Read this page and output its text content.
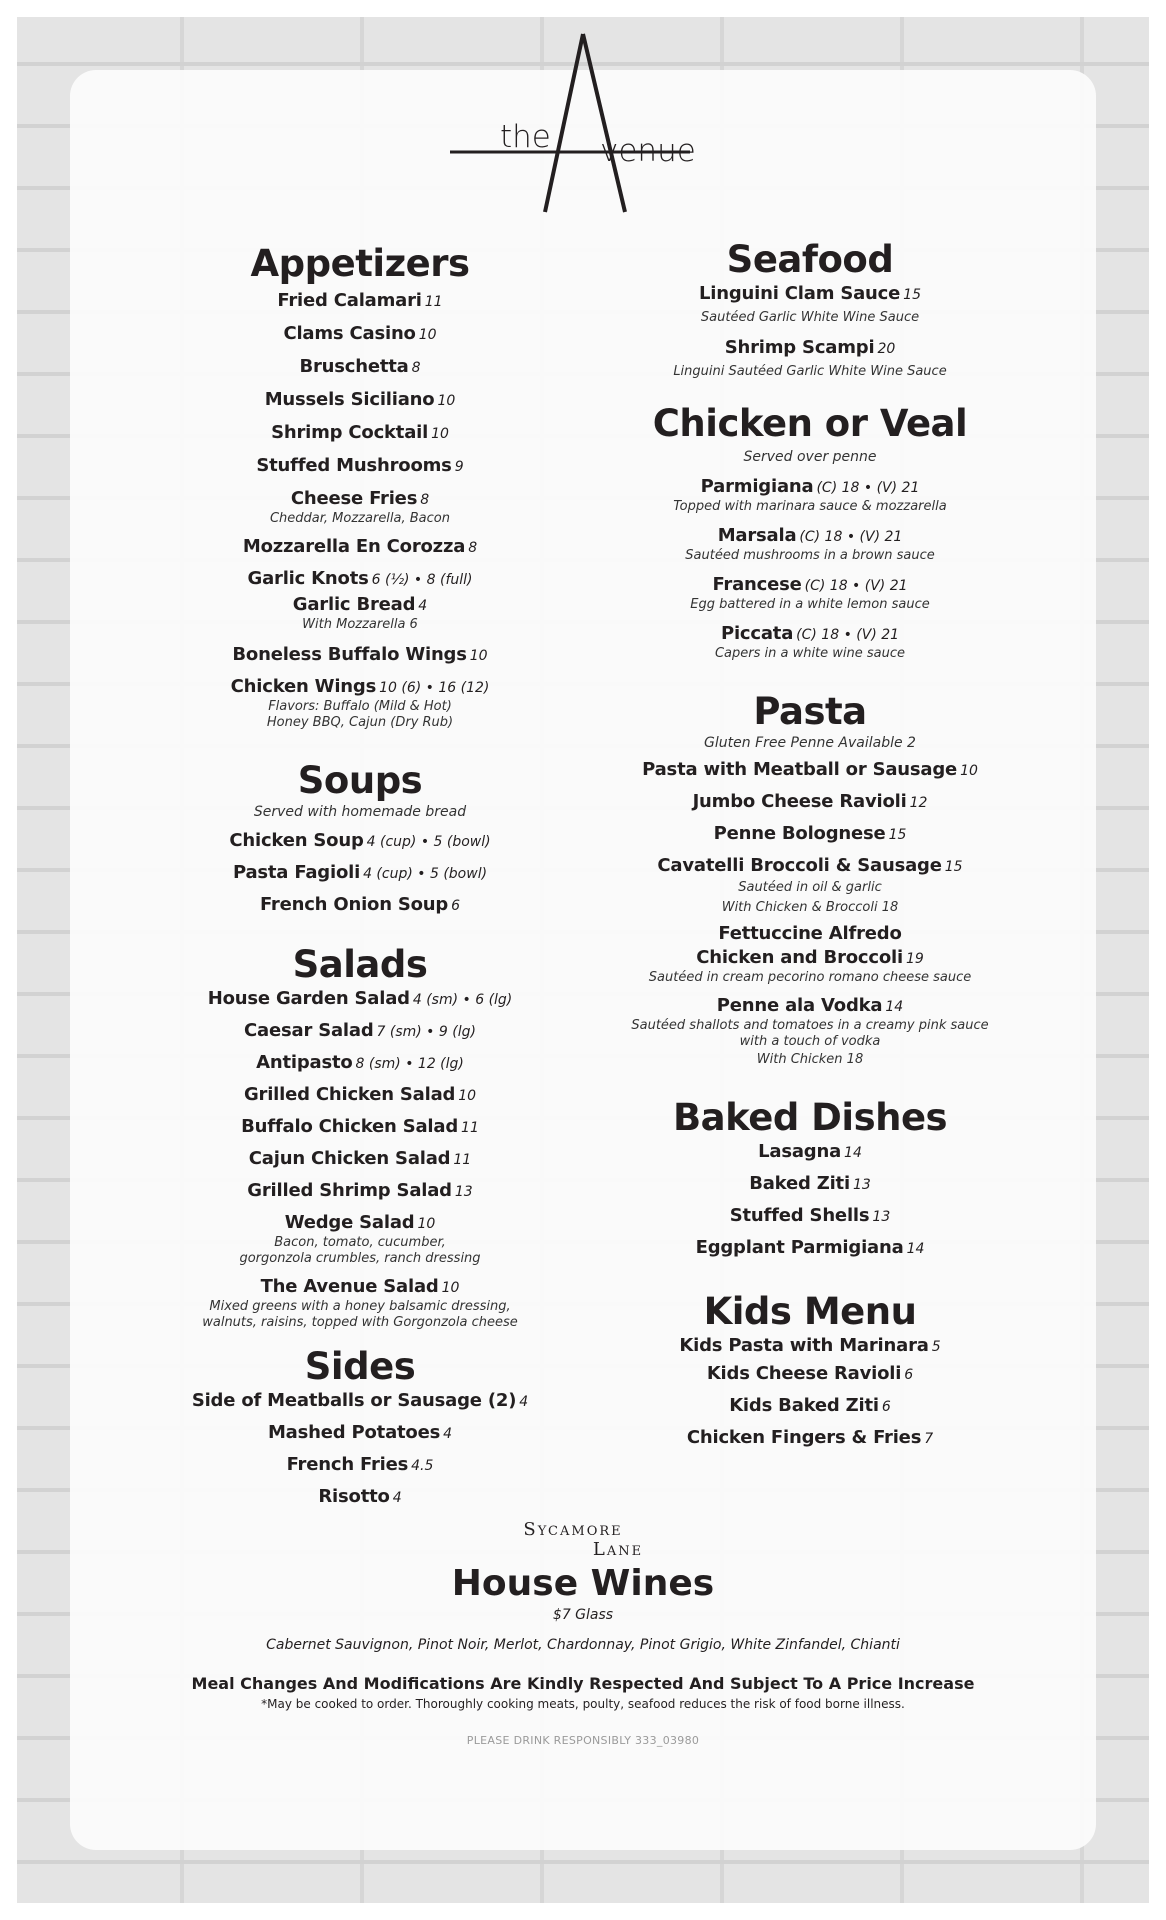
the venue
Appetizers
Fried Calamari 11
Clams Casino 10
Bruschetta 8
Mussels Siciliano 10
Shrimp Cocktail 10
Stuffed Mushrooms 9
Cheese Fries 8
Cheddar, Mozzarella, Bacon
Mozzarella En Corozza 8
Garlic Knots 6 (½) • 8 (full)
Garlic Bread 4
With Mozzarella 6
Boneless Buffalo Wings 10
Chicken Wings 10 (6) • 16 (12)
Flavors: Buffalo (Mild & Hot)
Honey BBQ, Cajun (Dry Rub)
Soups
Served with homemade bread
Chicken Soup 4 (cup) • 5 (bowl)
Pasta Fagioli 4 (cup) • 5 (bowl)
French Onion Soup 6
Salads
House Garden Salad 4 (sm) • 6 (lg)
Caesar Salad 7 (sm) • 9 (lg)
Antipasto 8 (sm) • 12 (lg)
Grilled Chicken Salad 10
Buffalo Chicken Salad 11
Cajun Chicken Salad 11
Grilled Shrimp Salad 13
Wedge Salad 10
Bacon, tomato, cucumber,
gorgonzola crumbles, ranch dressing
The Avenue Salad 10
Mixed greens with a honey balsamic dressing,
walnuts, raisins, topped with Gorgonzola cheese
Sides
Side of Meatballs or Sausage (2) 4
Mashed Potatoes 4
French Fries 4.5
Risotto 4
Seafood
Linguini Clam Sauce 15
Sautéed Garlic White Wine Sauce
Shrimp Scampi 20
Linguini Sautéed Garlic White Wine Sauce
Chicken or Veal
Served over penne
Parmigiana (C) 18 • (V) 21
Topped with marinara sauce & mozzarella
Marsala (C) 18 • (V) 21
Sautéed mushrooms in a brown sauce
Francese (C) 18 • (V) 21
Egg battered in a white lemon sauce
Piccata (C) 18 • (V) 21
Capers in a white wine sauce
Pasta
Gluten Free Penne Available 2
Pasta with Meatball or Sausage 10
Jumbo Cheese Ravioli 12
Penne Bolognese 15
Cavatelli Broccoli & Sausage 15
Sautéed in oil & garlic
With Chicken & Broccoli 18
Fettuccine Alfredo
Chicken and Broccoli 19
Sautéed in cream pecorino romano cheese sauce
Penne ala Vodka 14
Sautéed shallots and tomatoes in a creamy pink sauce
with a touch of vodka
With Chicken 18
Baked Dishes
Lasagna 14
Baked Ziti 13
Stuffed Shells 13
Eggplant Parmigiana 14
Kids Menu
Kids Pasta with Marinara 5
Kids Cheese Ravioli 6
Kids Baked Ziti 6
Chicken Fingers & Fries 7
Sycamore
Lane
House Wines
$7 Glass
Cabernet Sauvignon, Pinot Noir, Merlot, Chardonnay, Pinot Grigio, White Zinfandel, Chianti
Meal Changes And Modifications Are Kindly Respected And Subject To A Price Increase
*May be cooked to order. Thoroughly cooking meats, poulty, seafood reduces the risk of food borne illness.
PLEASE DRINK RESPONSIBLY 333_03980
